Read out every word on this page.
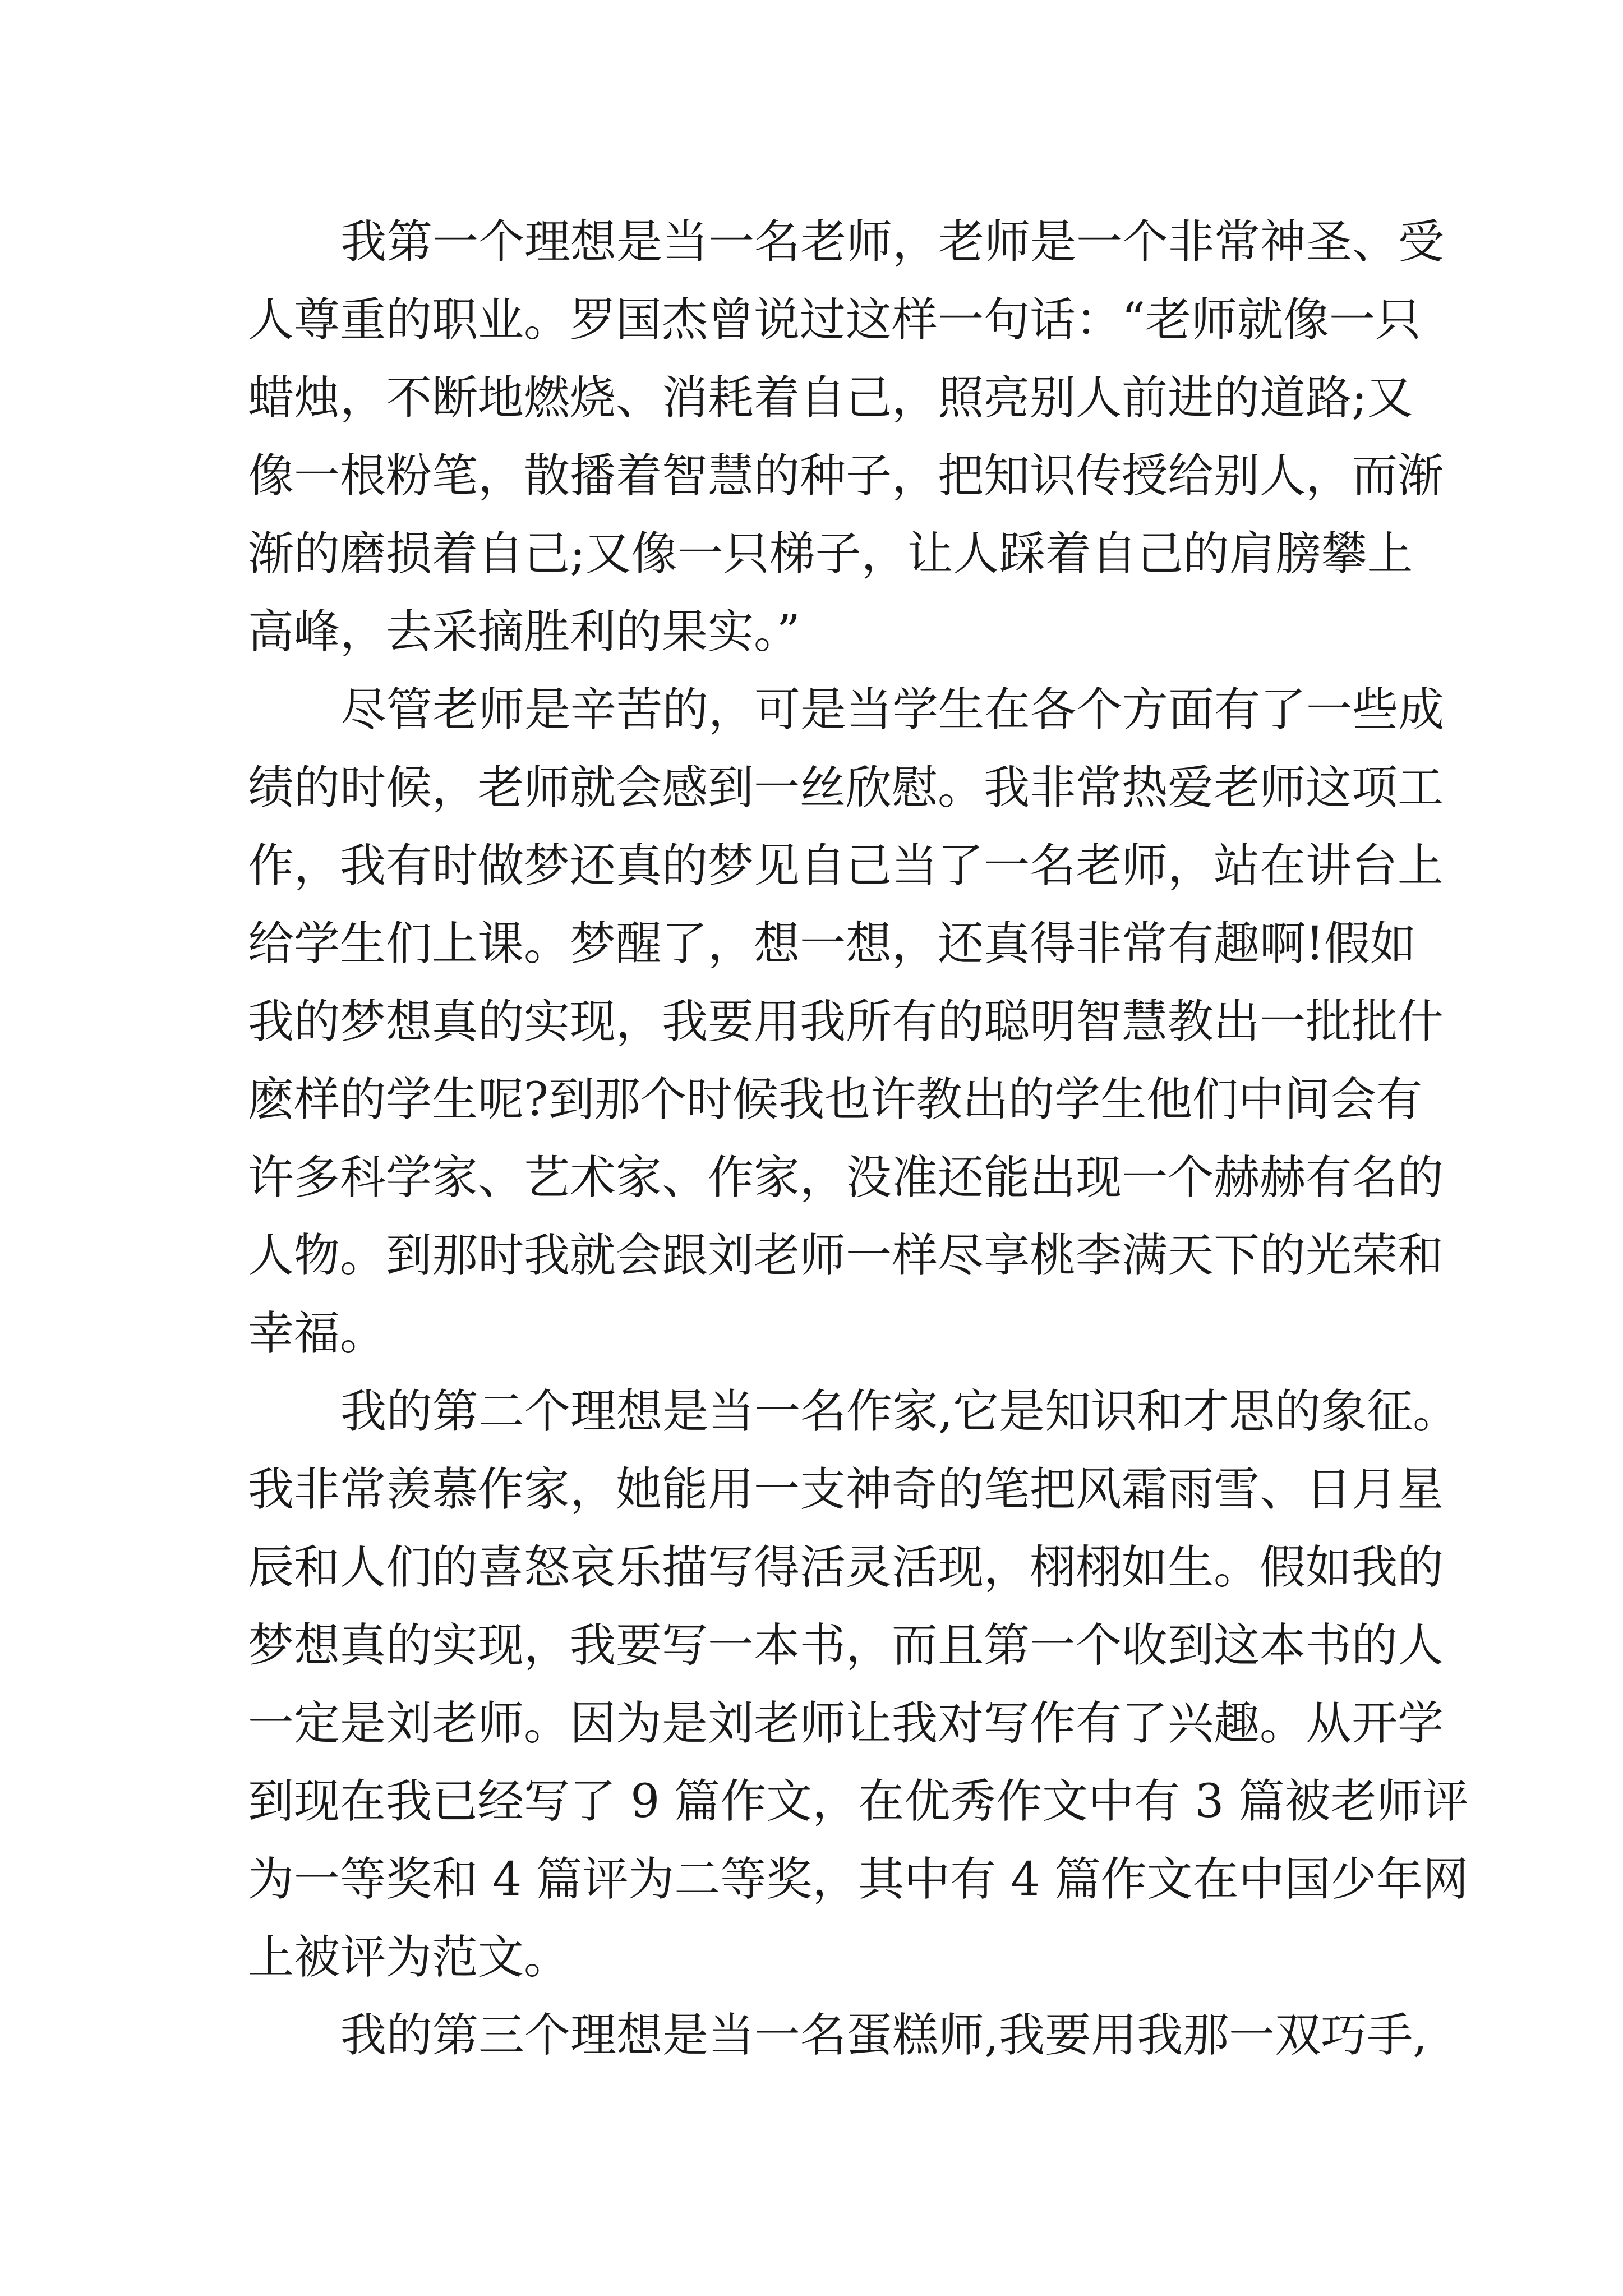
我第一个理想是当一名老师，老师是一个非常神圣、受
人尊重的职业。罗国杰曾说过这样一句话：“老师就像一只
蜡烛，不断地燃烧、消耗着自己，照亮别人前进的道路;又
像一根粉笔，散播着智慧的种子，把知识传授给别人，而渐
渐的磨损着自己;又像一只梯子，让人踩着自己的肩膀攀上
高峰，去采摘胜利的果实。”
尽管老师是辛苦的，可是当学生在各个方面有了一些成
绩的时候，老师就会感到一丝欣慰。我非常热爱老师这项工
作，我有时做梦还真的梦见自己当了一名老师，站在讲台上
给学生们上课。梦醒了，想一想，还真得非常有趣啊!假如
我的梦想真的实现，我要用我所有的聪明智慧教出一批批什
麽样的学生呢?到那个时候我也许教出的学生他们中间会有
许多科学家、艺术家、作家，没准还能出现一个赫赫有名的
人物。到那时我就会跟刘老师一样尽享桃李满天下的光荣和
幸福。
我的第二个理想是当一名作家,它是知识和才思的象征。
我非常羡慕作家，她能用一支神奇的笔把风霜雨雪、日月星
辰和人们的喜怒哀乐描写得活灵活现，栩栩如生。假如我的
梦想真的实现，我要写一本书，而且第一个收到这本书的人
一定是刘老师。因为是刘老师让我对写作有了兴趣。从开学
到现在我已经写了 9 篇作文，在优秀作文中有 3 篇被老师评
为一等奖和 4 篇评为二等奖，其中有 4 篇作文在中国少年网
上被评为范文。
我的第三个理想是当一名蛋糕师,我要用我那一双巧手,
